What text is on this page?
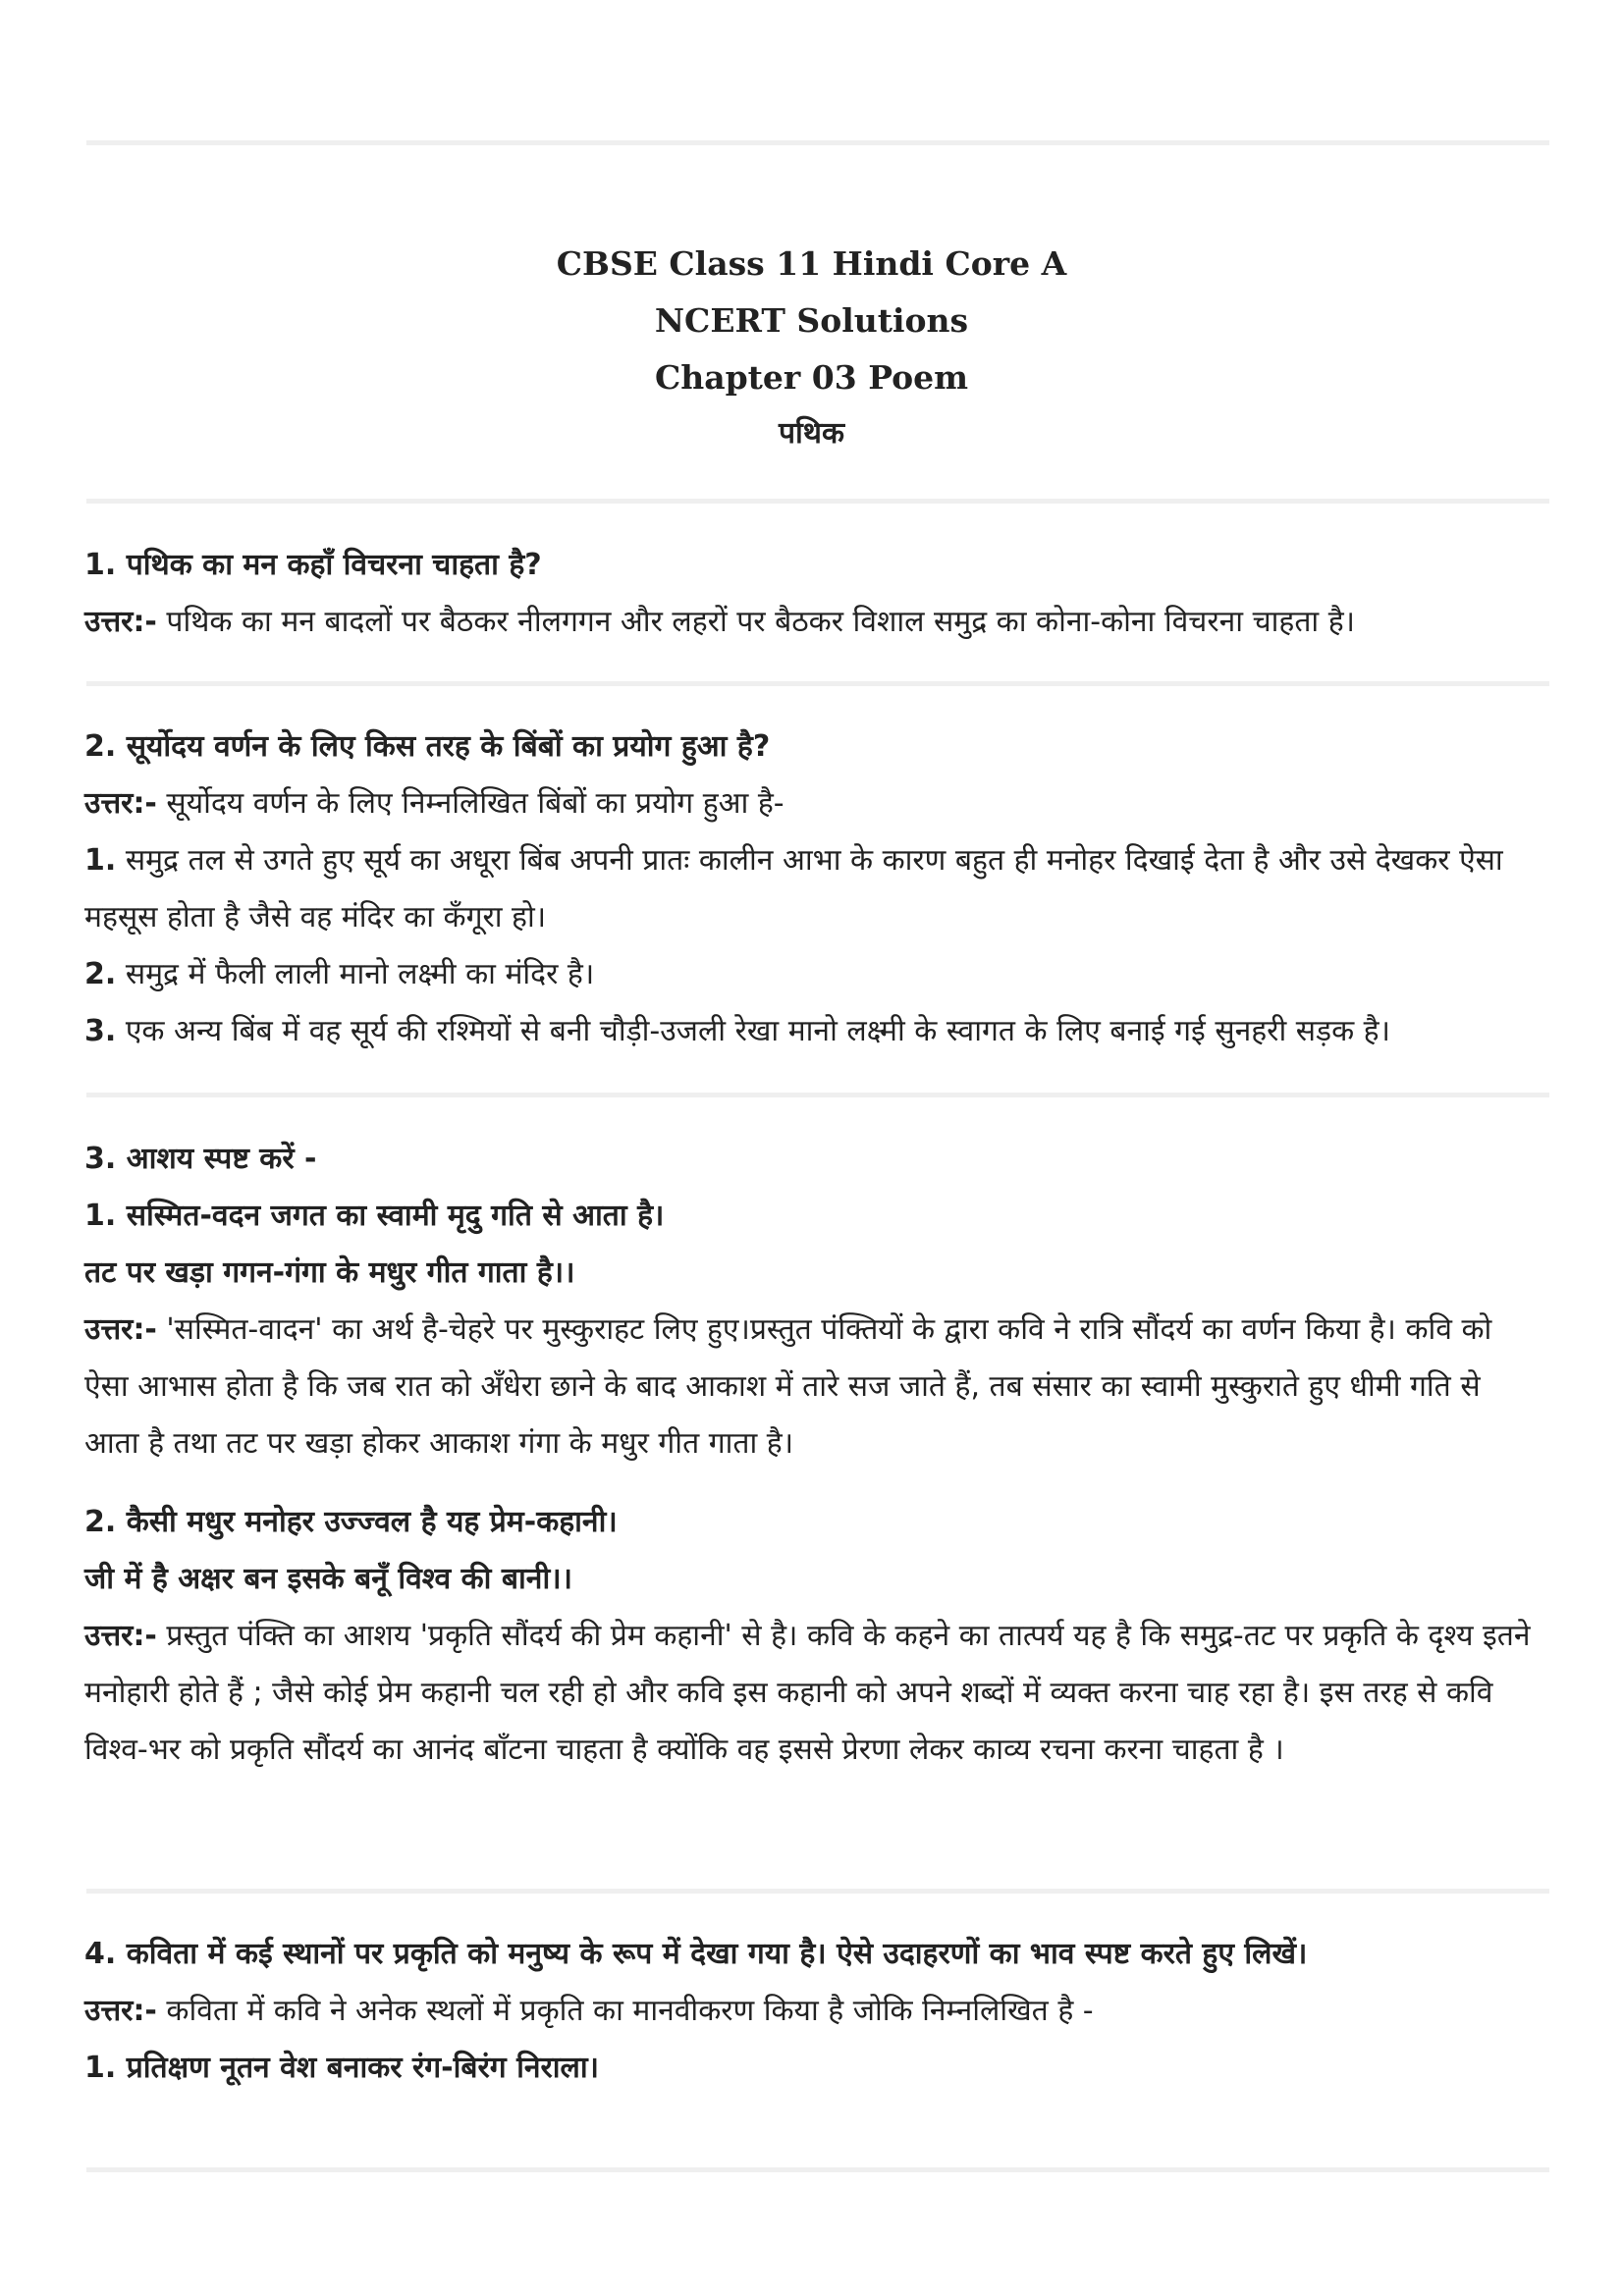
CBSE Class 11 Hindi Core A
NCERT Solutions
Chapter 03 Poem
पथिक

1. पथिक का मन कहाँ विचरना चाहता है?

उत्तर:- पथिक का मन बादलों पर बैठकर नीलगगन और लहरों पर बैठकर विशाल समुद्र का कोना-कोना विचरना चाहता है।

2. सूर्योदय वर्णन के लिए किस तरह के बिंबों का प्रयोग हुआ है?

उत्तर:- सूर्योदय वर्णन के लिए निम्नलिखित बिंबों का प्रयोग हुआ है-

1. समुद्र तल से उगते हुए सूर्य का अधूरा बिंब अपनी प्रातः कालीन आभा के कारण बहुत ही मनोहर दिखाई देता है और उसे देखकर ऐसा महसूस होता है जैसे वह मंदिर का कँगूरा हो।

2. समुद्र में फैली लाली मानो लक्ष्मी का मंदिर है।

3. एक अन्य बिंब में वह सूर्य की रश्मियों से बनी चौड़ी-उजली रेखा मानो लक्ष्मी के स्वागत के लिए बनाई गई सुनहरी सड़क है।

3. आशय स्पष्ट करें -

1. सस्मित-वदन जगत का स्वामी मृदु गति से आता है।

तट पर खड़ा गगन-गंगा के मधुर गीत गाता है।।

उत्तर:- 'सस्मित-वादन' का अर्थ है-चेहरे पर मुस्कुराहट लिए हुए।प्रस्तुत पंक्तियों के द्वारा कवि ने रात्रि सौंदर्य का वर्णन किया है। कवि को ऐसा आभास होता है कि जब रात को अँधेरा छाने के बाद आकाश में तारे सज जाते हैं, तब संसार का स्वामी मुस्कुराते हुए धीमी गति से आता है तथा तट पर खड़ा होकर आकाश गंगा के मधुर गीत गाता है।

2. कैसी मधुर मनोहर उज्ज्वल है यह प्रेम-कहानी।

जी में है अक्षर बन इसके बनूँ विश्व की बानी।।

उत्तर:- प्रस्तुत पंक्ति का आशय 'प्रकृति सौंदर्य की प्रेम कहानी' से है। कवि के कहने का तात्पर्य यह है कि समुद्र-तट पर प्रकृति के दृश्य इतने मनोहारी होते हैं ; जैसे कोई प्रेम कहानी चल रही हो और कवि इस कहानी को अपने शब्दों में व्यक्त करना चाह रहा है। इस तरह से कवि विश्व-भर को प्रकृति सौंदर्य का आनंद बाँटना चाहता है क्योंकि वह इससे प्रेरणा लेकर काव्य रचना करना चाहता है ।

4. कविता में कई स्थानों पर प्रकृति को मनुष्य के रूप में देखा गया है। ऐसे उदाहरणों का भाव स्पष्ट करते हुए लिखें।

उत्तर:- कविता में कवि ने अनेक स्थलों में प्रकृति का मानवीकरण किया है जोकि निम्नलिखित है -

1. प्रतिक्षण नूतन वेश बनाकर रंग-बिरंग निराला।
